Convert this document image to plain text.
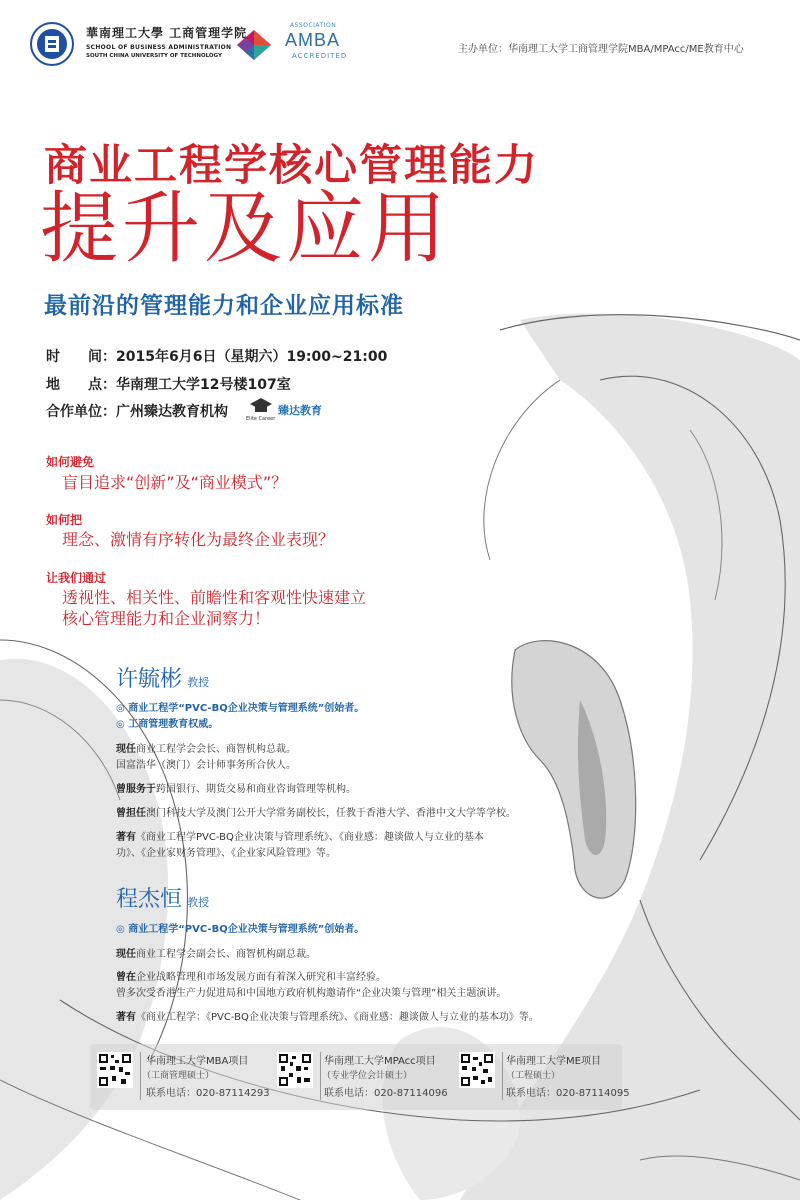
華南理工大學 工商管理学院
SCHOOL OF BUSINESS ADMINISTRATION
SOUTH CHINA UNIVERSITY OF TECHNOLOGY
ASSOCIATION
AMBA
ACCREDITED
主办单位：华南理工大学工商管理学院MBA/MPAcc/ME教育中心
商业工程学核心管理能力
提升及应用
最前沿的管理能力和企业应用标准
时　　间：2015年6月6日（星期六）19:00~21:00
地　　点：华南理工大学12号楼107室
合作单位：广州臻达教育机构	臻达教育
Elite Career
如何避免
盲目追求“创新”及“商业模式”？
如何把
理念、激情有序转化为最终企业表现？
让我们通过
透视性、相关性、前瞻性和客观性快速建立
核心管理能力和企业洞察力！
许毓彬 教授
◎ 商业工程学“PVC-BQ企业决策与管理系统”创始者。
◎ 工商管理教育权威。
现任商业工程学会会长、商智机构总裁。
国富浩华（澳门）会计师事务所合伙人。
曾服务于跨国银行、期货交易和商业咨询管理等机构。
曾担任澳门科技大学及澳门公开大学常务副校长，任教于香港大学、香港中文大学等学校。
著有《商业工程学PVC-BQ企业决策与管理系统》、《商业感：趣谈做人与立业的基本
功》、《企业家财务管理》、《企业家风险管理》等。
程杰恒 教授
◎ 商业工程学“PVC-BQ企业决策与管理系统”创始者。
现任商业工程学会副会长、商智机构副总裁。
曾在企业战略管理和市场发展方面有着深入研究和丰富经验。
曾多次受香港生产力促进局和中国地方政府机构邀请作“企业决策与管理”相关主题演讲。
著有《商业工程学：《PVC-BQ企业决策与管理系统》、《商业感：趣谈做人与立业的基本功》等。
华南理工大学MBA项目
（工商管理硕士）
联系电话：020-87114293
华南理工大学MPAcc项目
（专业学位会计硕士）
联系电话：020-87114096
华南理工大学ME项目
（工程硕士）
联系电话：020-87114095
